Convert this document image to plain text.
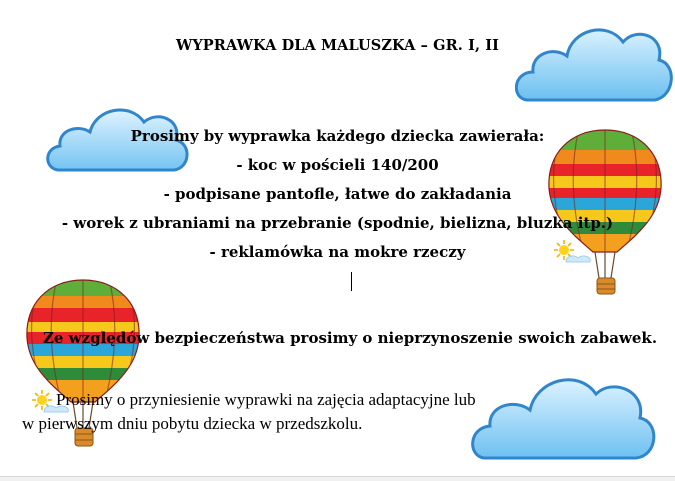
WYPRAWKA DLA MALUSZKA – GR. I, II
Prosimy by wyprawka każdego dziecka zawierała:
- koc w pościeli 140/200
- podpisane pantofle, łatwe do zakładania
- worek z ubraniami na przebranie (spodnie, bielizna, bluzka itp.)
- reklamówka na mokre rzeczy
Ze względów bezpieczeństwa prosimy o nieprzynoszenie swoich zabawek.
Prosimy o przyniesienie wyprawki na zajęcia adaptacyjne lub
w pierwszym dniu pobytu dziecka w przedszkolu.
